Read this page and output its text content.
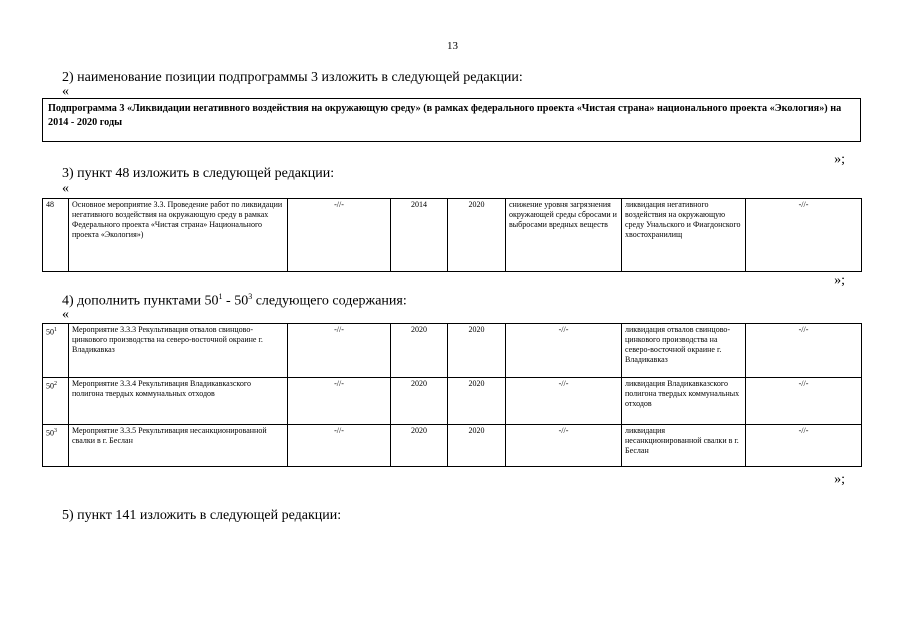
13
2) наименование позиции подпрограммы 3 изложить в следующей редакции:
«
Подпрограмма 3 «Ликвидации негативного воздействия на окружающую среду» (в рамках федерального проекта «Чистая страна» национального проекта «Экология») на 2014 - 2020 годы
»;
3) пункт 48 изложить в следующей редакции:
«
48	Основное мероприятие 3.3. Проведение работ по ликвидации негативного воздействия на окружающую среду в рамках Федерального проекта «Чистая страна» Национального проекта «Экология»)	-//-	2014	2020	снижение уровня загрязнения окружающей среды сбросами и выбросами вредных веществ	ликвидация негативного воздействия на окружающую среду Унальского и Фиагдонского хвостохранилищ	-//-
»;
4) дополнить пунктами $50^1 - 50^3$ следующего содержания:
«
$50^1$	Мероприятие 3.3.3 Рекультивация отвалов свинцово-цинкового производства на северо-восточной окраине г. Владикавказ	-//-	2020	2020	-//-	ликвидация отвалов свинцово-цинкового производства на северо-восточной окраине г. Владикавказ	-//-
$50^2$	Мероприятие 3.3.4 Рекультивация Владикавказского полигона твердых коммунальных отходов	-//-	2020	2020	-//-	ликвидация Владикавказского полигона твердых коммунальных отходов	-//-
$50^3$	Мероприятие 3.3.5 Рекультивация несанкционированной свалки в г. Беслан	-//-	2020	2020	-//-	ликвидация несанкционированной свалки в г. Беслан	-//-
»;
5) пункт 141 изложить в следующей редакции:
